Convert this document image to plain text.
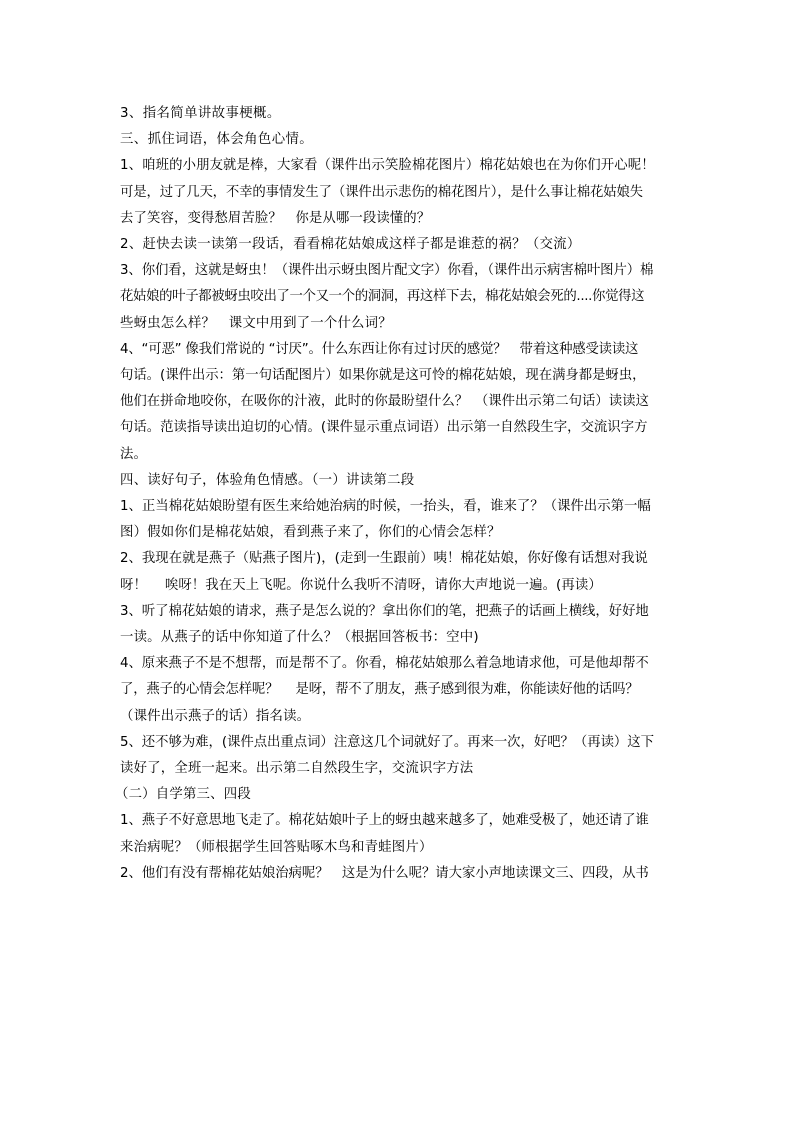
3、指名简单讲故事梗概。
三、抓住词语，体会角色心情。
1、咱班的小朋友就是棒，大家看（课件出示笑脸棉花图片）棉花姑娘也在为你们开心呢！
可是，过了几天，不幸的事情发生了（课件出示悲伤的棉花图片），是什么事让棉花姑娘失
去了笑容，变得愁眉苦脸？　你是从哪一段读懂的？
2、赶快去读一读第一段话，看看棉花姑娘成这样子都是谁惹的祸？（交流）
3、你们看，这就是蚜虫！（课件出示蚜虫图片配文字）你看，（课件出示病害棉叶图片）棉
花姑娘的叶子都被蚜虫咬出了一个又一个的洞洞，再这样下去，棉花姑娘会死的....你觉得这
些蚜虫怎么样？　课文中用到了一个什么词？
4、“可恶” 像我们常说的 “讨厌”。什么东西让你有过讨厌的感觉？　带着这种感受读读这
句话。(课件出示：第一句话配图片）如果你就是这可怜的棉花姑娘，现在满身都是蚜虫，
他们在拼命地咬你，在吸你的汁液，此时的你最盼望什么？　（课件出示第二句话）读读这
句话。范读指导读出迫切的心情。(课件显示重点词语）出示第一自然段生字，交流识字方
法。
四、读好句子，体验角色情感。（一）讲读第二段
1、正当棉花姑娘盼望有医生来给她治病的时候，一抬头，看，谁来了？（课件出示第一幅
图）假如你们是棉花姑娘，看到燕子来了，你们的心情会怎样？
2、我现在就是燕子（贴燕子图片)，(走到一生跟前）咦！棉花姑娘，你好像有话想对我说
呀！　 唉呀！我在天上飞呢。你说什么我听不清呀，请你大声地说一遍。(再读）
3、听了棉花姑娘的请求，燕子是怎么说的？拿出你们的笔，把燕子的话画上横线，好好地
一读。从燕子的话中你知道了什么？（根据回答板书：空中)
4、原来燕子不是不想帮，而是帮不了。你看，棉花姑娘那么着急地请求他，可是他却帮不
了，燕子的心情会怎样呢？　 是呀，帮不了朋友，燕子感到很为难，你能读好他的话吗？
（课件出示燕子的话）指名读。
5、还不够为难，(课件点出重点词）注意这几个词就好了。再来一次，好吧？（再读）这下
读好了，全班一起来。出示第二自然段生字，交流识字方法
（二）自学第三、四段
1、燕子不好意思地飞走了。棉花姑娘叶子上的蚜虫越来越多了，她难受极了，她还请了谁
来治病呢？（师根据学生回答贴啄木鸟和青蛙图片）
2、他们有没有帮棉花姑娘治病呢？　这是为什么呢？请大家小声地读课文三、四段，从书
